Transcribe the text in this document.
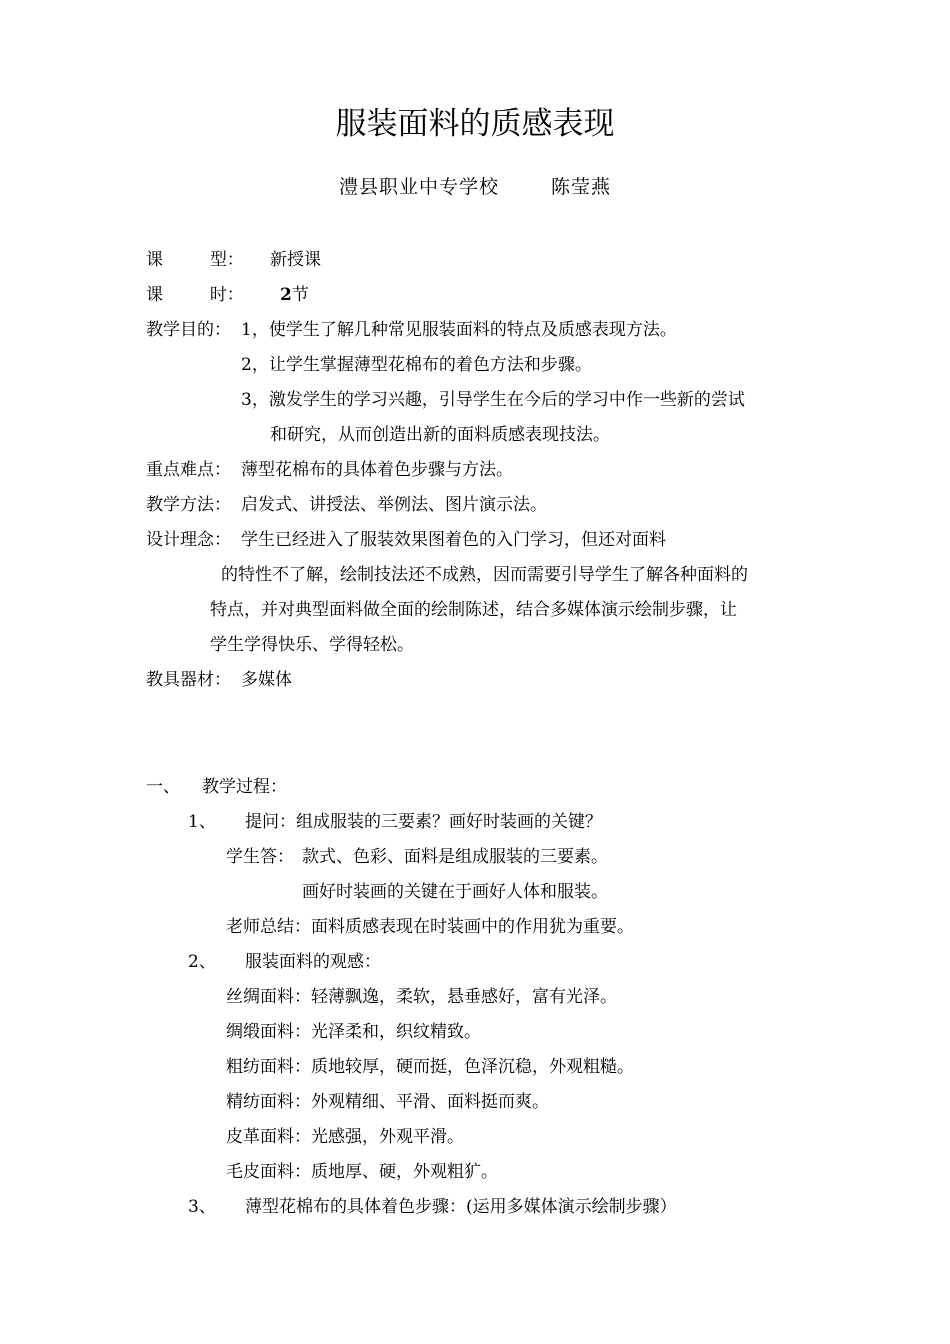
服装面料的质感表现
澧县职业中专学校	陈莹燕
课	型： 新授课
课	时： 2节
教学目的： 1，使学生了解几种常见服装面料的特点及质感表现方法。
2，让学生掌握薄型花棉布的着色方法和步骤。
3，激发学生的学习兴趣，引导学生在今后的学习中作一些新的尝试
和研究，从而创造出新的面料质感表现技法。
重点难点： 薄型花棉布的具体着色步骤与方法。
教学方法： 启发式、讲授法、举例法、图片演示法。
设计理念： 学生已经进入了服装效果图着色的入门学习，但还对面料
的特性不了解，绘制技法还不成熟，因而需要引导学生了解各种面料的
特点，并对典型面料做全面的绘制陈述，结合多媒体演示绘制步骤，让
学生学得快乐、学得轻松。
教具器材： 多媒体
一、 教学过程：
1、 提问：组成服装的三要素？画好时装画的关键？
学生答： 款式、色彩、面料是组成服装的三要素。
画好时装画的关键在于画好人体和服装。
老师总结：面料质感表现在时装画中的作用犹为重要。
2、 服装面料的观感：
丝绸面料：轻薄飘逸，柔软，悬垂感好，富有光泽。
绸缎面料：光泽柔和，织纹精致。
粗纺面料：质地较厚，硬而挺，色泽沉稳，外观粗糙。
精纺面料：外观精细、平滑、面料挺而爽。
皮革面料：光感强，外观平滑。
毛皮面料：质地厚、硬，外观粗犷。
3、 薄型花棉布的具体着色步骤：(运用多媒体演示绘制步骤）
